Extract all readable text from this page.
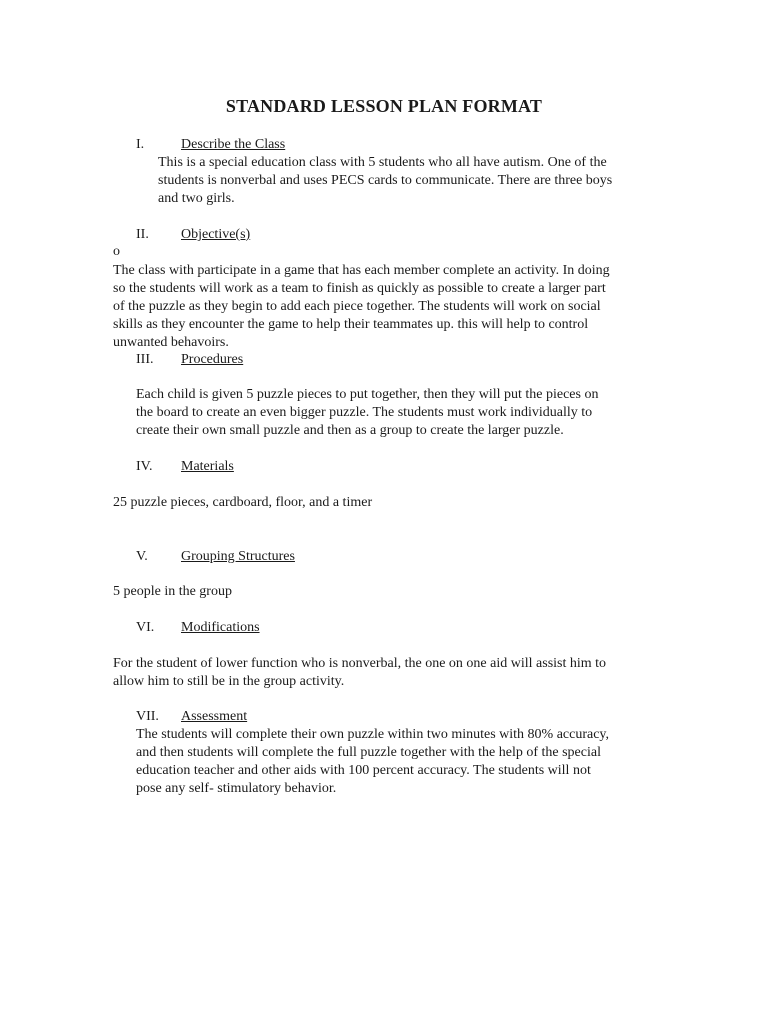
STANDARD LESSON PLAN FORMAT
I.	Describe the Class
This is a special education class with 5 students who all have autism. One of the
students is nonverbal and uses PECS cards to communicate. There are three boys
and two girls.
II. Objective(s)
o
The class with participate in a game that has each member complete an activity. In doing
so the students will work as a team to finish as quickly as possible to create a larger part
of the puzzle as they begin to add each piece together. The students will work on social
skills as they encounter the game to help their teammates up. this will help to control
unwanted behavoirs.
III. Procedures
Each child is given 5 puzzle pieces to put together, then they will put the pieces on
the board to create an even bigger puzzle. The students must work individually to
create their own small puzzle and then as a group to create the larger puzzle.
IV. Materials
25 puzzle pieces, cardboard, floor, and a timer
V. Grouping Structures
5 people in the group
VI. Modifications
For the student of lower function who is nonverbal, the one on one aid will assist him to
allow him to still be in the group activity.
VII. Assessment
The students will complete their own puzzle within two minutes with 80% accuracy,
and then students will complete the full puzzle together with the help of the special
education teacher and other aids with 100 percent accuracy. The students will not
pose any self- stimulatory behavior.
